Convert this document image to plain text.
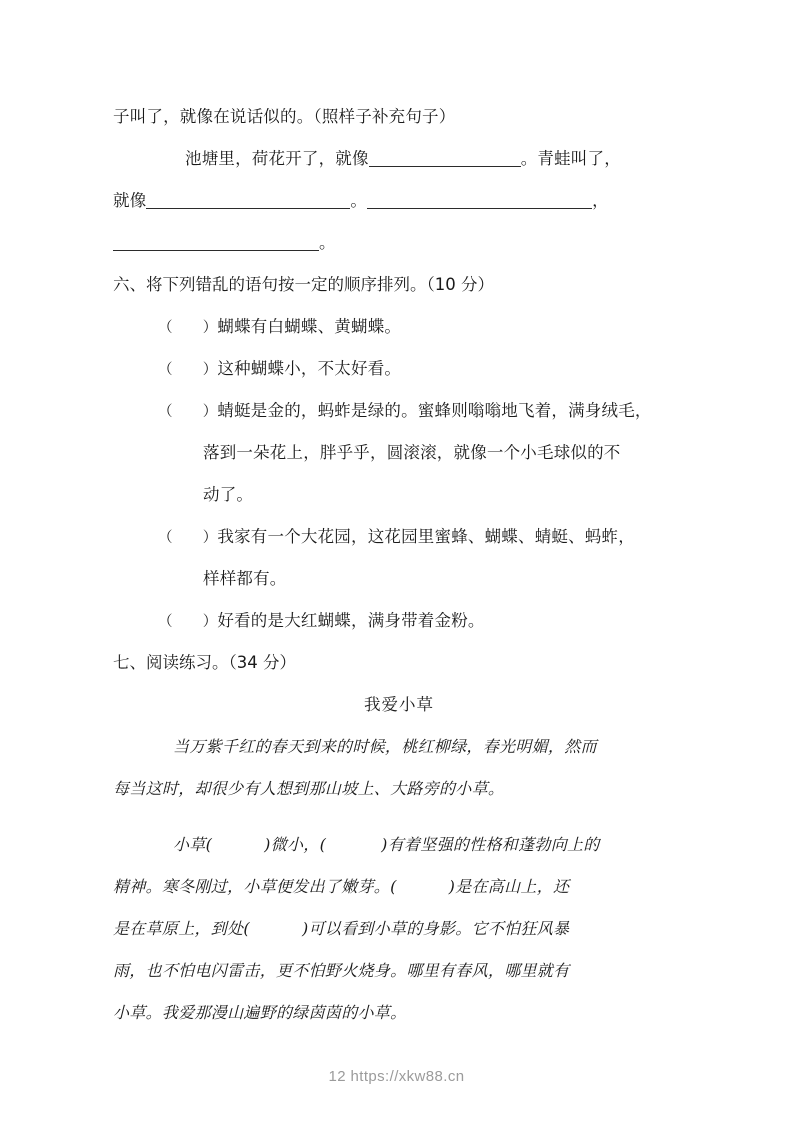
子叫了，就像在说话似的。（照样子补充句子）
池塘里，荷花开了，就像	。青蛙叫了，
就像	。	，
。
六、将下列错乱的语句按一定的顺序排列。（10 分）
（ ）蝴蝶有白蝴蝶、黄蝴蝶。
（ ）这种蝴蝶小，不太好看。
（ ）蜻蜓是金的，蚂蚱是绿的。蜜蜂则嗡嗡地飞着，满身绒毛，
落到一朵花上，胖乎乎，圆滚滚，就像一个小毛球似的不
动了。
（ ）我家有一个大花园，这花园里蜜蜂、蝴蝶、蜻蜓、蚂蚱，
样样都有。
（ ）好看的是大红蝴蝶，满身带着金粉。
七、阅读练习。（34 分）
我爱小草
当万紫千红的春天到来的时候，桃红柳绿，春光明媚，然而
每当这时，却很少有人想到那山坡上、大路旁的小草。
小草(	)微小，(	)有着坚强的性格和蓬勃向上的
精神。寒冬刚过，小草便发出了嫩芽。(	)是在高山上，还
是在草原上，到处(	)可以看到小草的身影。它不怕狂风暴
雨，也不怕电闪雷击，更不怕野火烧身。哪里有春风，哪里就有
小草。我爱那漫山遍野的绿茵茵的小草。
12 https://xkw88.cn
